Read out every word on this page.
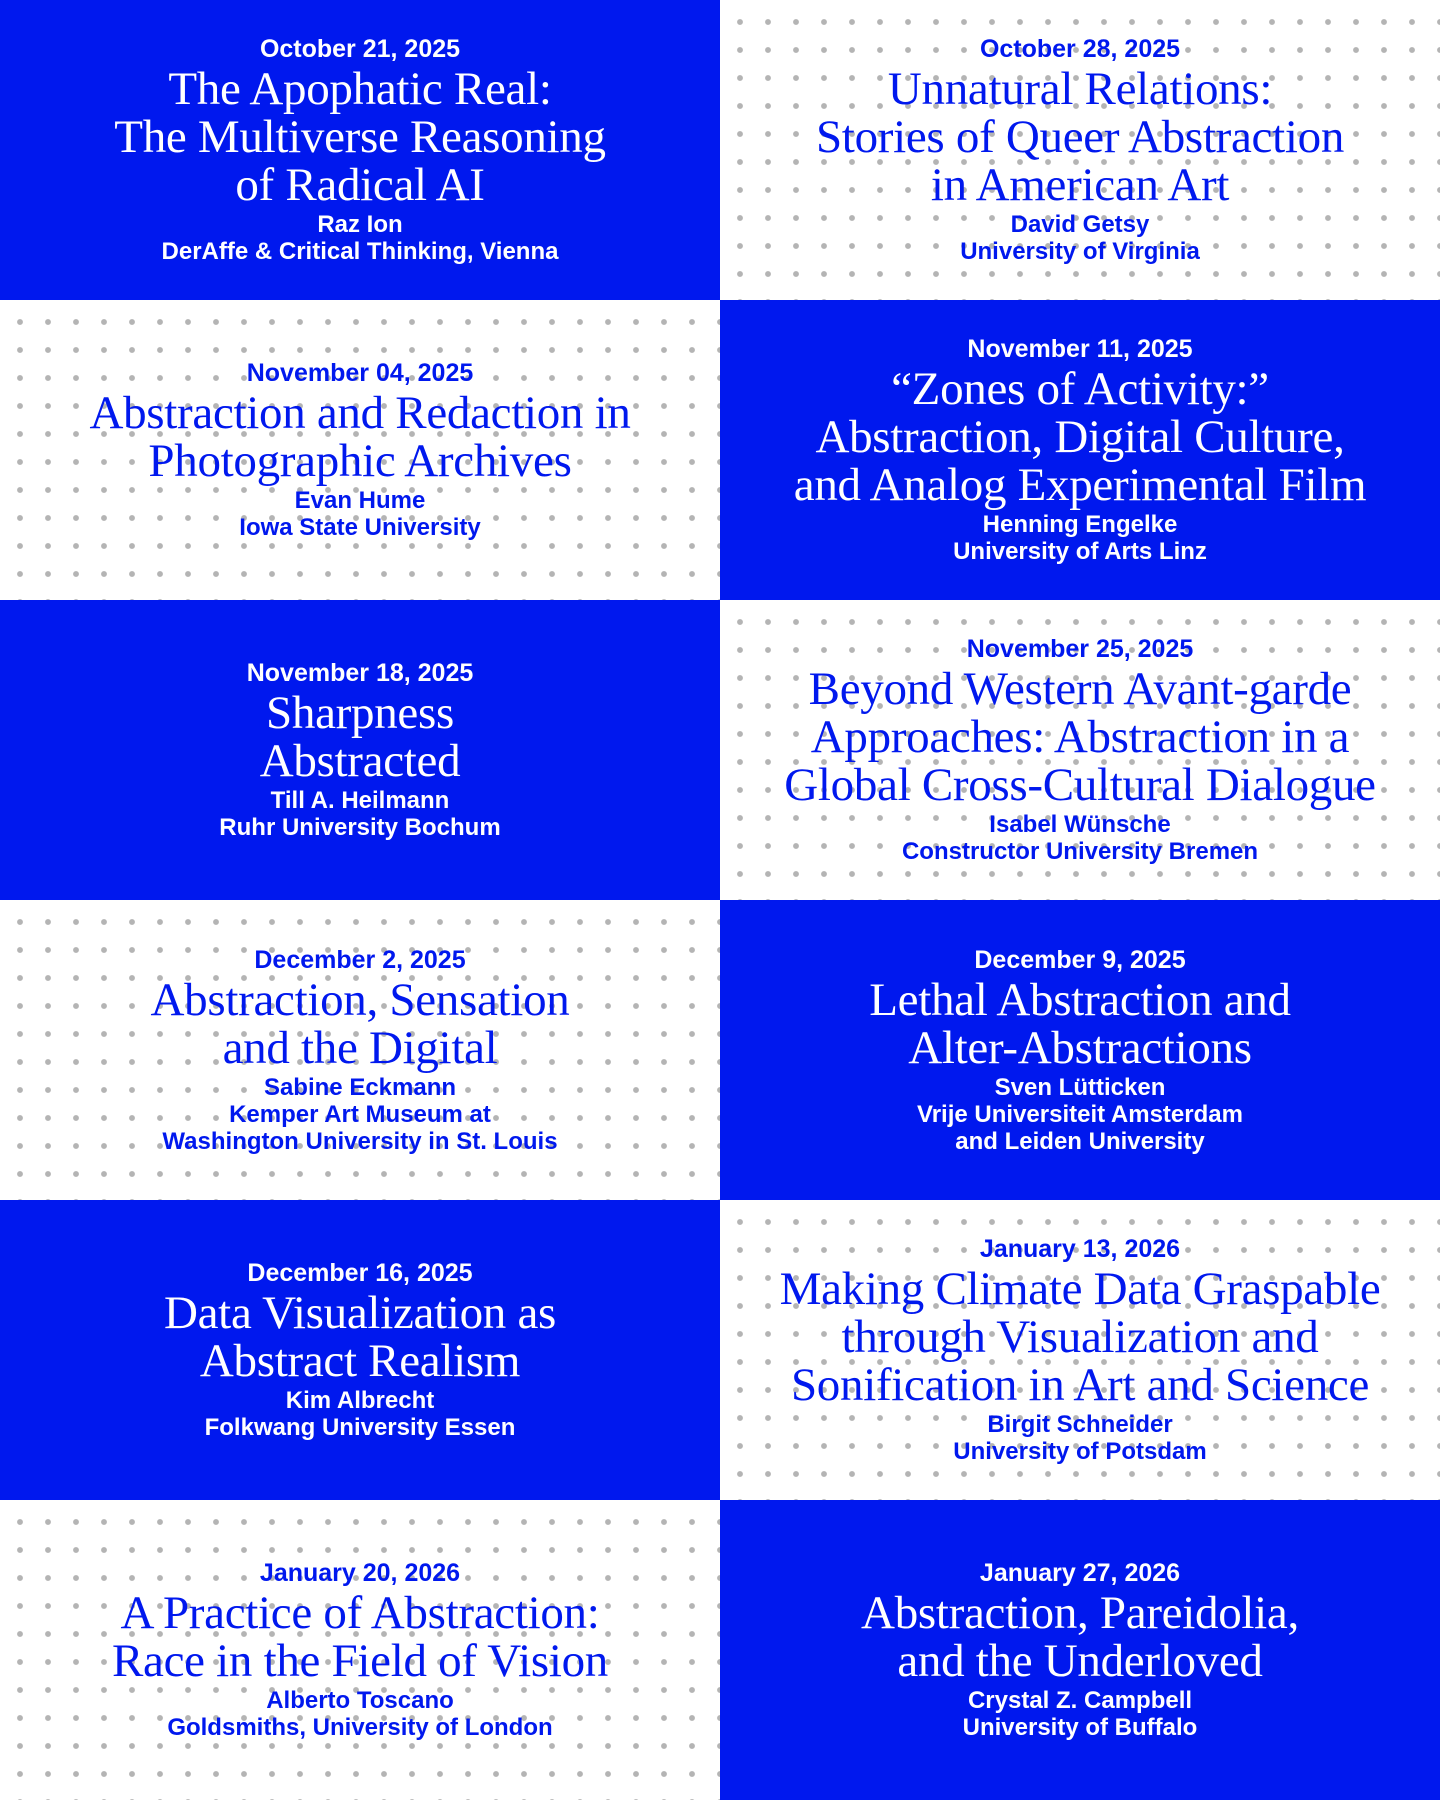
October 21, 2025
The Apophatic Real:
The Multiverse Reasoning
of Radical AI
Raz Ion
DerAffe & Critical Thinking, Vienna
October 28, 2025
Unnatural Relations:
Stories of Queer Abstraction
in American Art
David Getsy
University of Virginia
November 04, 2025
Abstraction and Redaction in
Photographic Archives
Evan Hume
Iowa State University
November 11, 2025
“Zones of Activity:”
Abstraction, Digital Culture,
and Analog Experimental Film
Henning Engelke
University of Arts Linz
November 18, 2025
Sharpness
Abstracted
Till A. Heilmann
Ruhr University Bochum
November 25, 2025
Beyond Western Avant-garde
Approaches: Abstraction in a
Global Cross-Cultural Dialogue
Isabel Wünsche
Constructor University Bremen
December 2, 2025
Abstraction, Sensation
and the Digital
Sabine Eckmann
Kemper Art Museum at
Washington University in St. Louis
December 9, 2025
Lethal Abstraction and
Alter-Abstractions
Sven Lütticken
Vrije Universiteit Amsterdam
and Leiden University
December 16, 2025
Data Visualization as
Abstract Realism
Kim Albrecht
Folkwang University Essen
January 13, 2026
Making Climate Data Graspable
through Visualization and
Sonification in Art and Science
Birgit Schneider
University of Potsdam
January 20, 2026
A Practice of Abstraction:
Race in the Field of Vision
Alberto Toscano
Goldsmiths, University of London
January 27, 2026
Abstraction, Pareidolia,
and the Underloved
Crystal Z. Campbell
University of Buffalo
